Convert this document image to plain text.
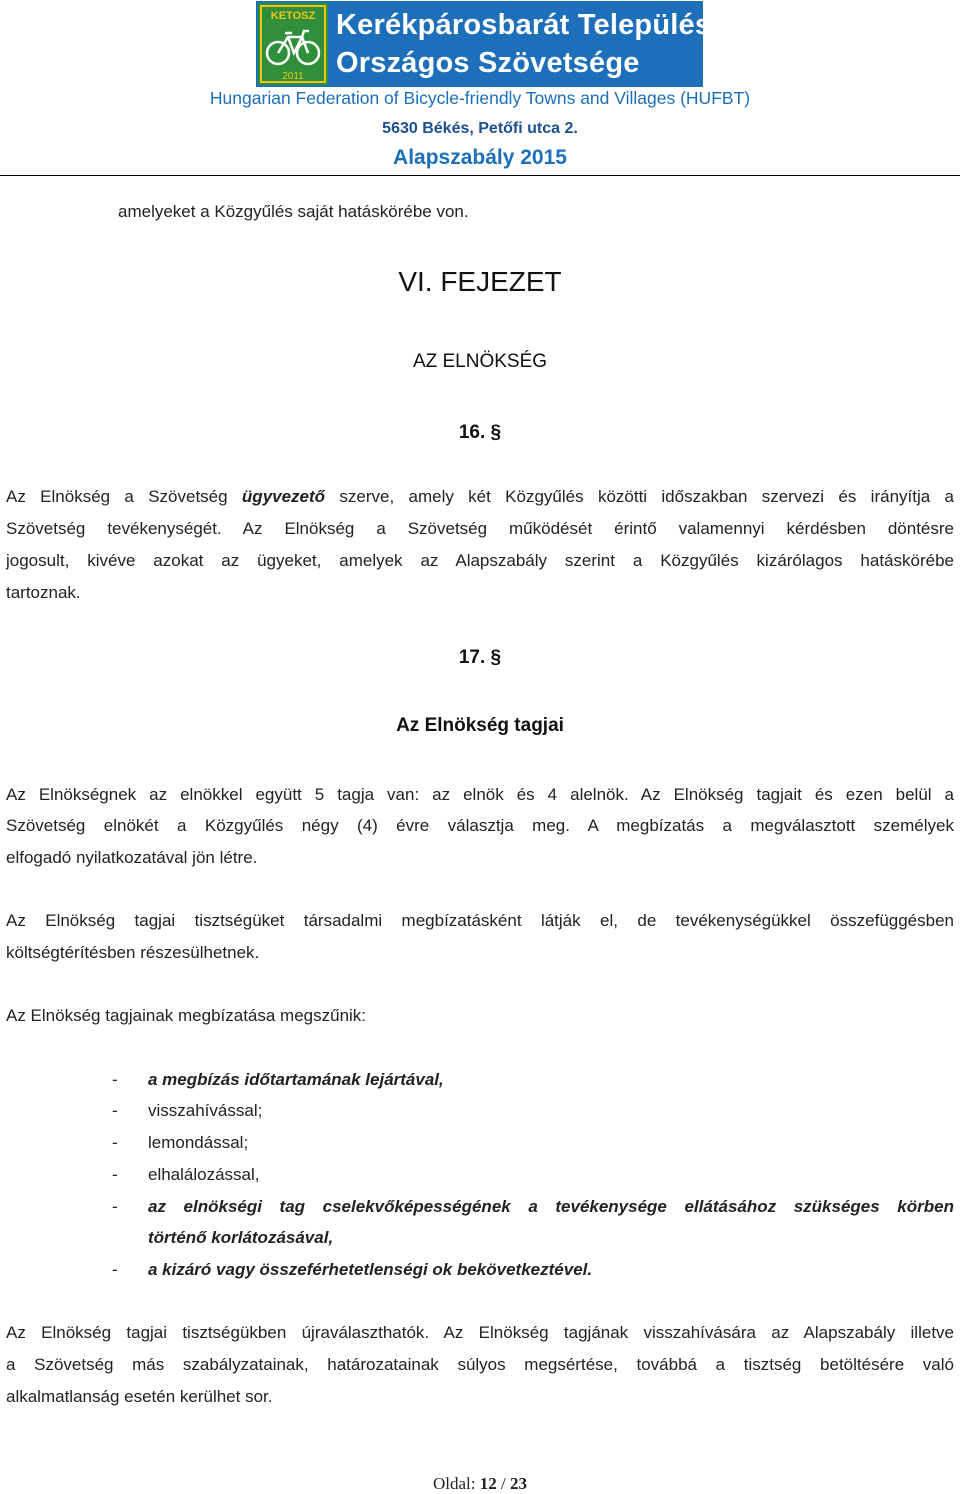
KETOSZ
2011
Kerékpárosbarát Települések
Országos Szövetsége
Hungarian Federation of Bicycle-friendly Towns and Villages (HUFBT)
5630 Békés, Petőfi utca 2.
Alapszabály 2015
amelyeket a Közgyűlés saját hatáskörébe von.
VI. FEJEZET
AZ ELNÖKSÉG
16. §
Az Elnökség a Szövetség ügyvezető szerve, amely két Közgyűlés közötti időszakban szervezi és irányítja a
Szövetség tevékenységét. Az Elnökség a Szövetség működését érintő valamennyi kérdésben döntésre
jogosult, kivéve azokat az ügyeket, amelyek az Alapszabály szerint a Közgyűlés kizárólagos hatáskörébe
tartoznak.
17. §
Az Elnökség tagjai
Az Elnökségnek az elnökkel együtt 5 tagja van: az elnök és 4 alelnök. Az Elnökség tagjait és ezen belül a
Szövetség elnökét a Közgyűlés négy (4) évre választja meg. A megbízatás a megválasztott személyek
elfogadó nyilatkozatával jön létre.
Az Elnökség tagjai tisztségüket társadalmi megbízatásként látják el, de tevékenységükkel összefüggésben
költségtérítésben részesülhetnek.
Az Elnökség tagjainak megbízatása megszűnik:
- a megbízás időtartamának lejártával,
- visszahívással;
- lemondással;
- elhalálozással,
-	az elnökségi tag cselekvőképességének a tevékenysége ellátásához szükséges körben
történő korlátozásával,
- a kizáró vagy összeférhetetlenségi ok bekövetkeztével.
Az Elnökség tagjai tisztségükben újraválaszthatók. Az Elnökség tagjának visszahívására az Alapszabály illetve
a Szövetség más szabályzatainak, határozatainak súlyos megsértése, továbbá a tisztség betöltésére való
alkalmatlanság esetén kerülhet sor.
Oldal: 12 / 23
